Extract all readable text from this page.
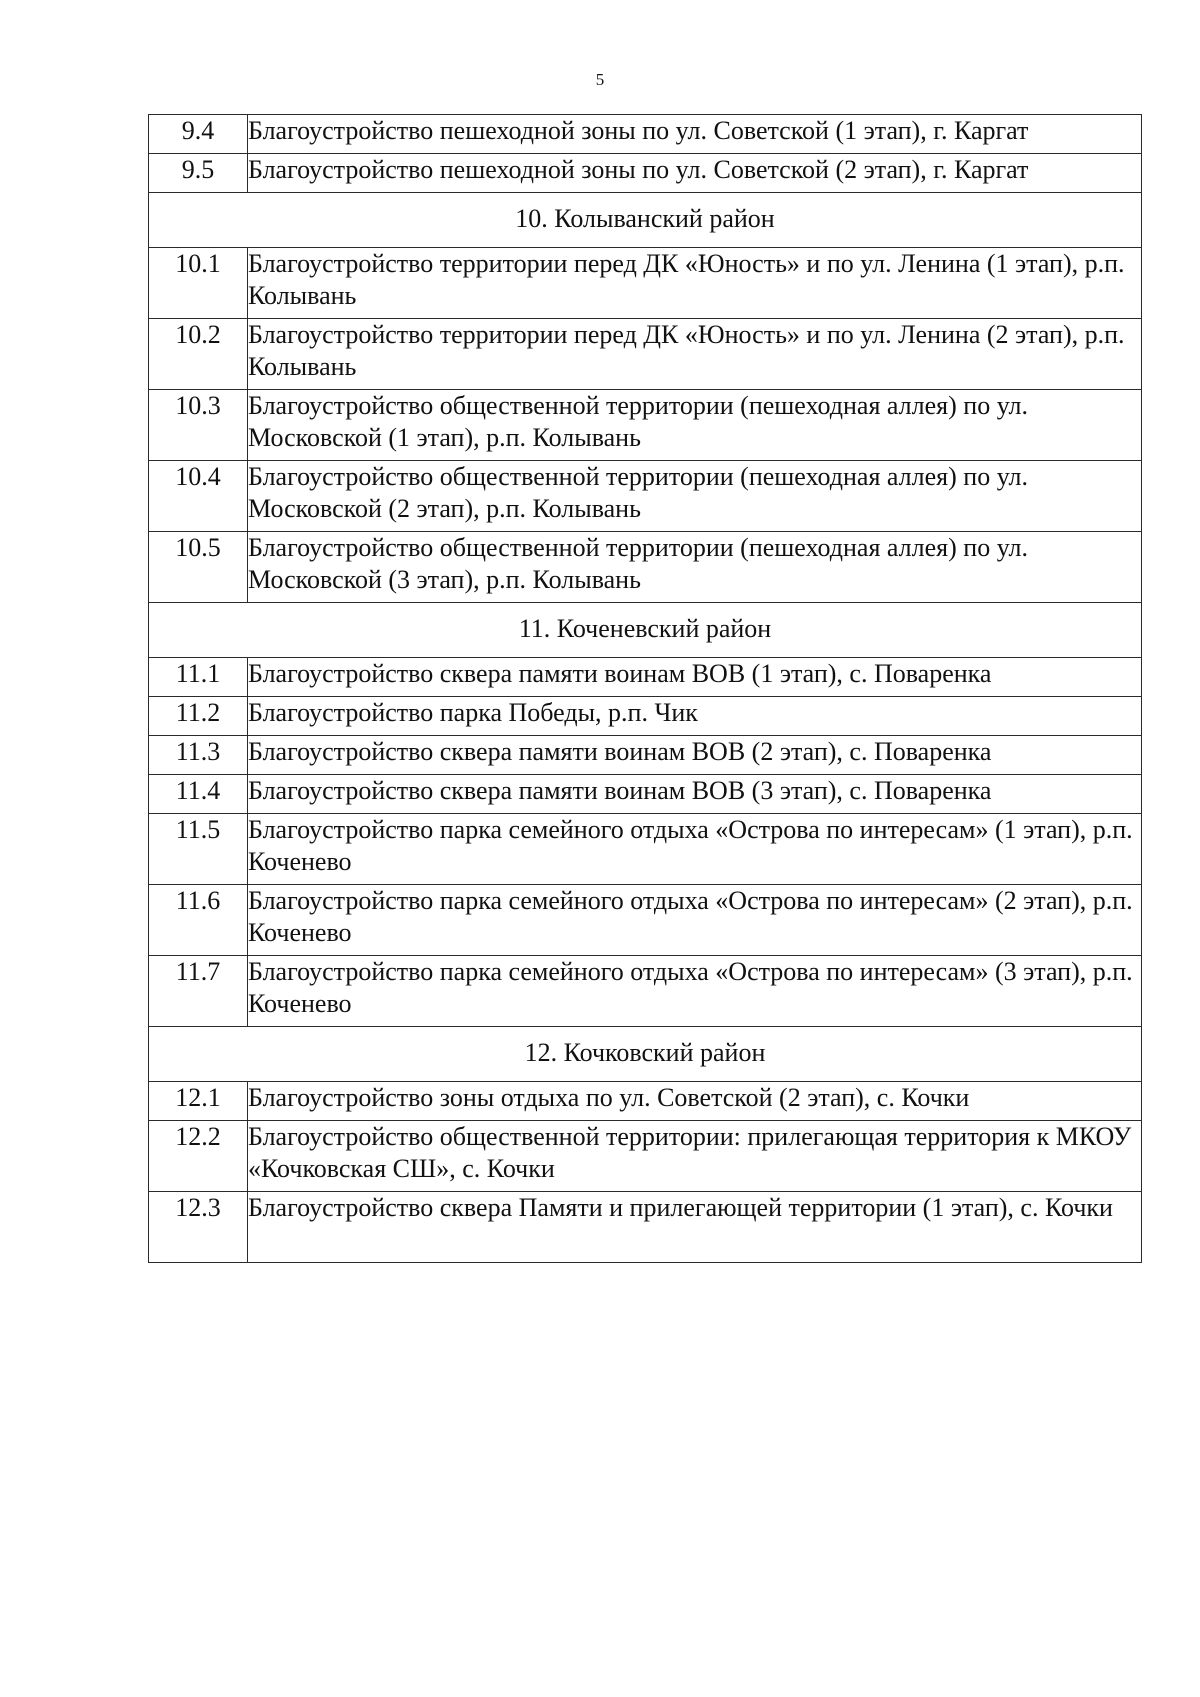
5
9.4	Благоустройство пешеходной зоны по ул. Советской (1 этап), г. Каргат
9.5	Благоустройство пешеходной зоны по ул. Советской (2 этап), г. Каргат
10. Колыванский район	
10.1	Благоустройство территории перед ДК «Юность» и по ул. Ленина (1 этап), р.п. Колывань
10.2	Благоустройство территории перед ДК «Юность» и по ул. Ленина (2 этап), р.п. Колывань
10.3	Благоустройство общественной территории (пешеходная аллея) по ул. Московской (1 этап), р.п. Колывань
10.4	Благоустройство общественной территории (пешеходная аллея) по ул. Московской (2 этап), р.п. Колывань
10.5	Благоустройство общественной территории (пешеходная аллея) по ул. Московской (3 этап), р.п. Колывань
11. Коченевский район	
11.1	Благоустройство сквера памяти воинам ВОВ (1 этап), с. Поваренка
11.2	Благоустройство парка Победы, р.п. Чик
11.3	Благоустройство сквера памяти воинам ВОВ (2 этап), с. Поваренка
11.4	Благоустройство сквера памяти воинам ВОВ (3 этап), с. Поваренка
11.5	Благоустройство парка семейного отдыха «Острова по интересам» (1 этап), р.п. Коченево
11.6	Благоустройство парка семейного отдыха «Острова по интересам» (2 этап), р.п. Коченево
11.7	Благоустройство парка семейного отдыха «Острова по интересам» (3 этап), р.п. Коченево
12. Кочковский район	
12.1	Благоустройство зоны отдыха по ул. Советской (2 этап), с. Кочки
12.2	Благоустройство общественной территории: прилегающая территория к МКОУ «Кочковская СШ», с. Кочки
12.3	Благоустройство сквера Памяти и прилегающей территории (1 этап), с. Кочки
